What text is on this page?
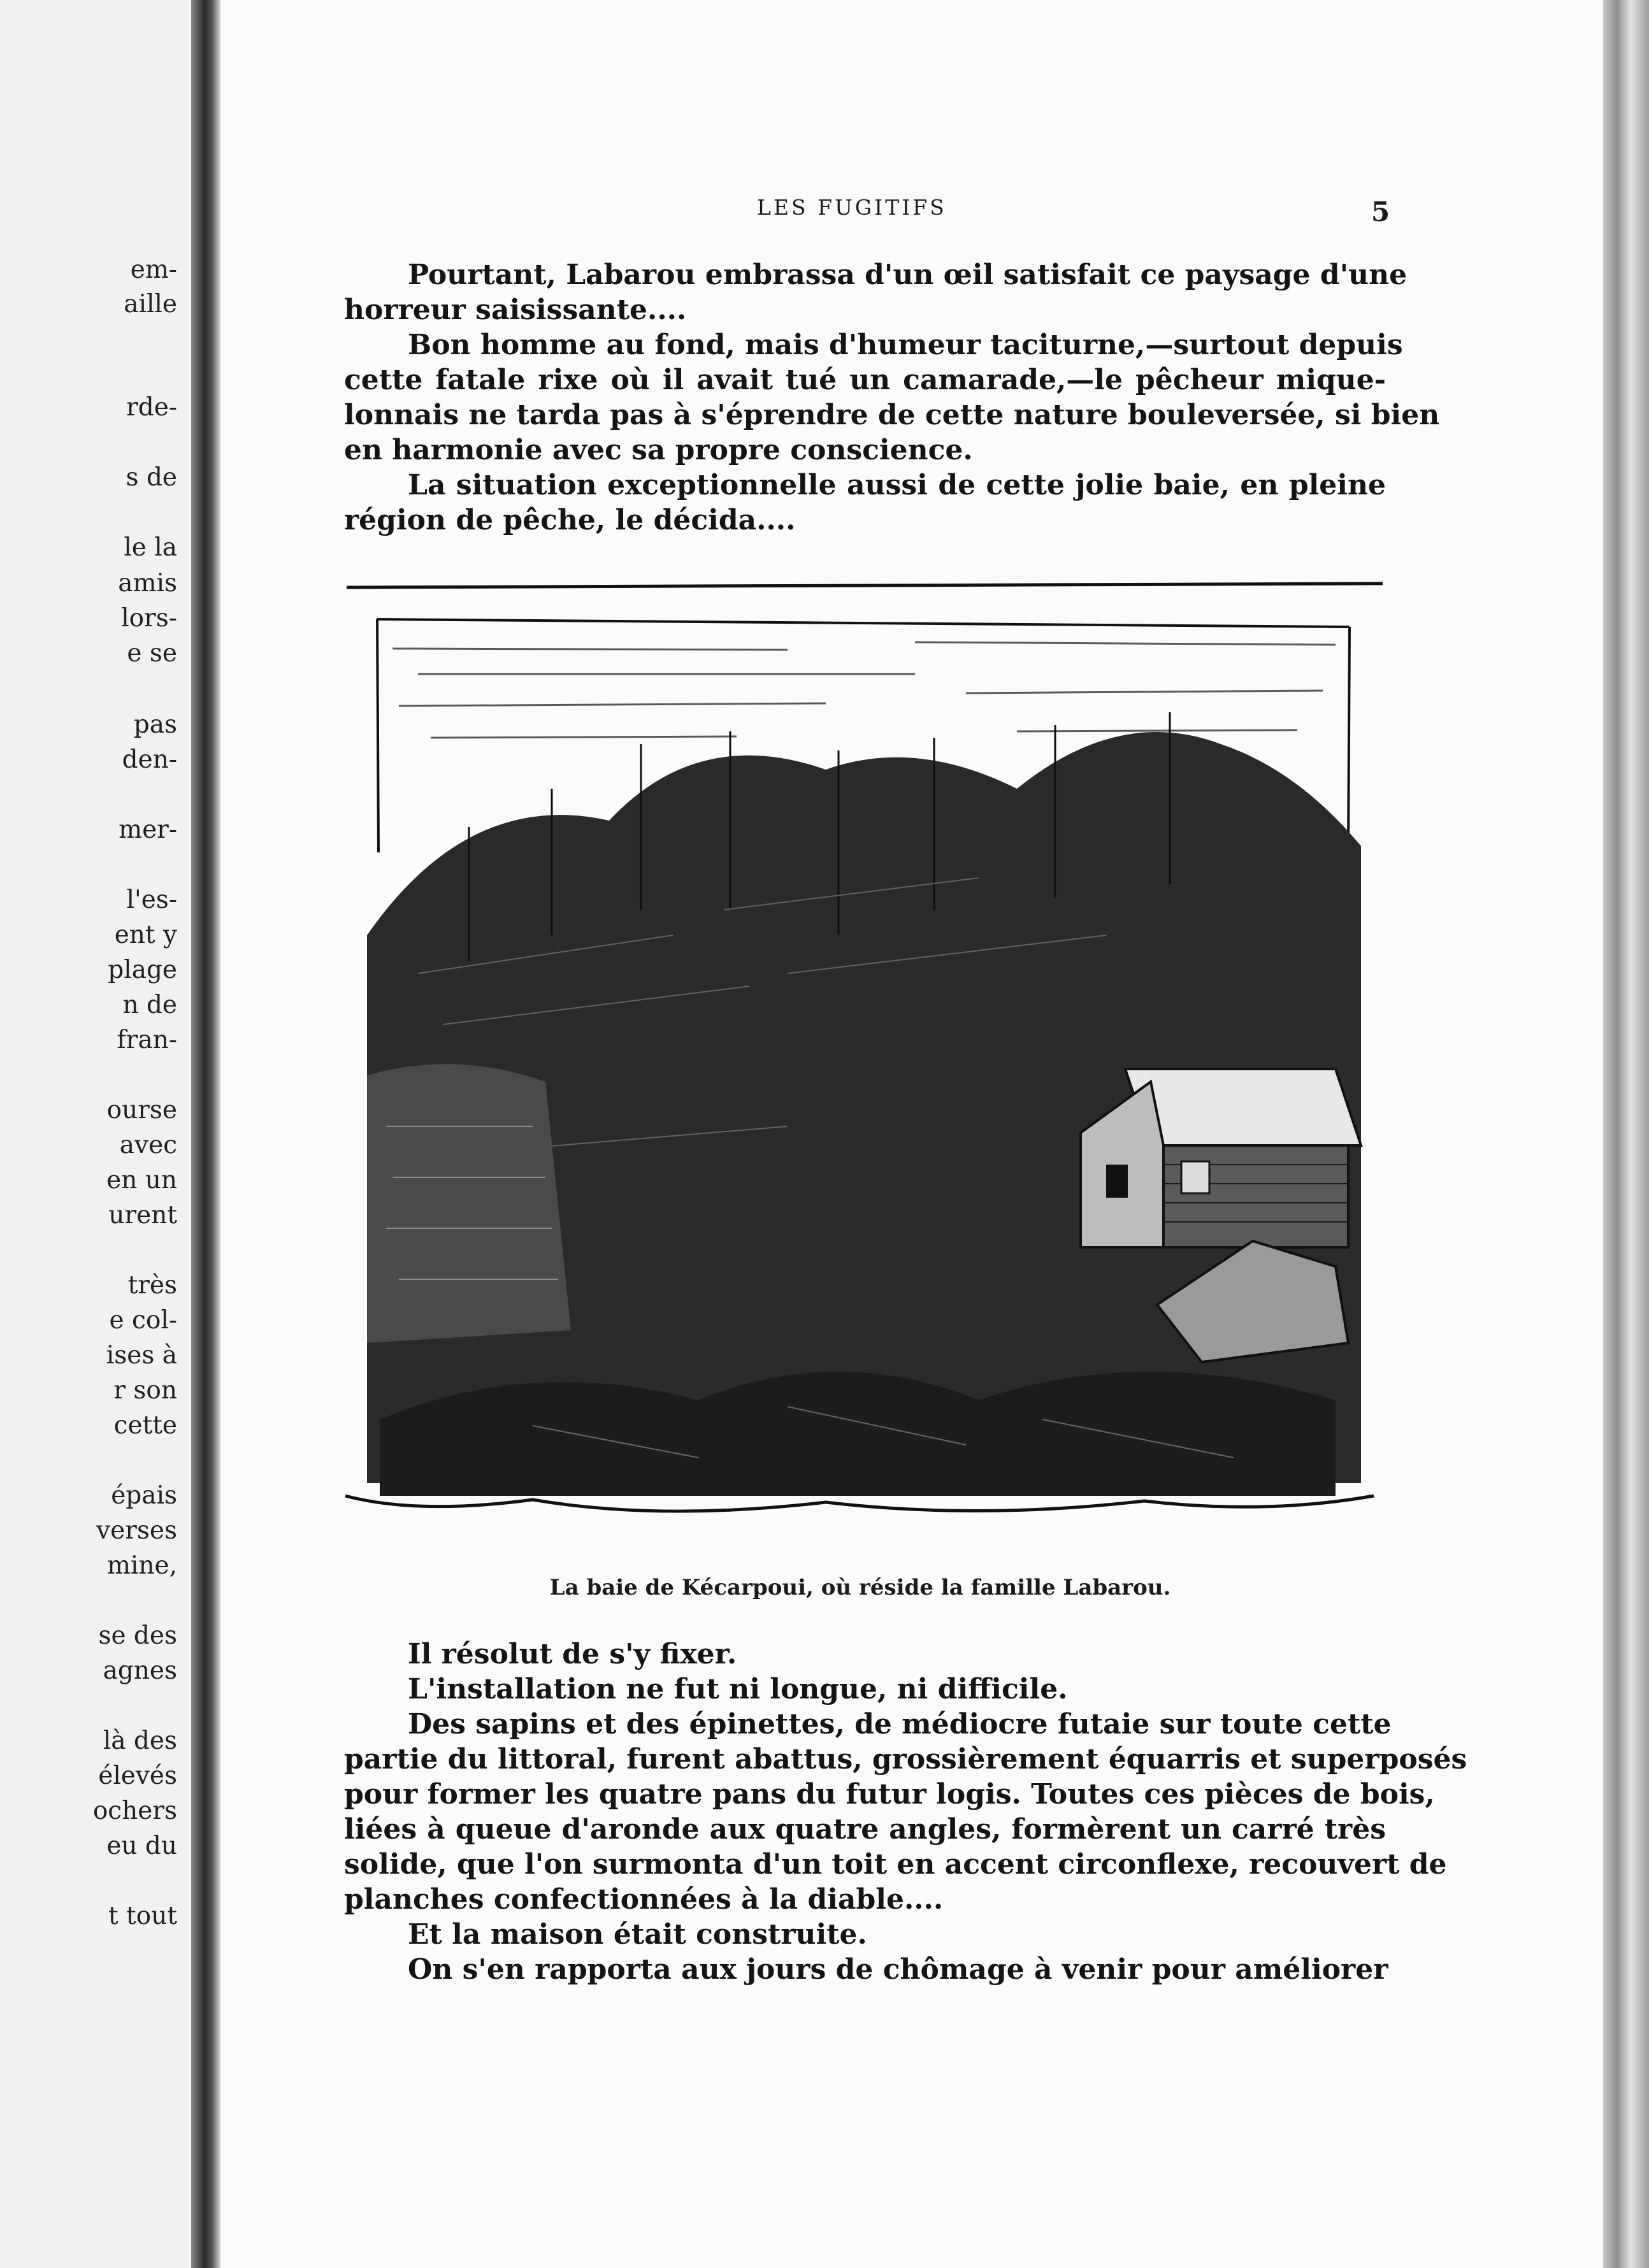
em-

aille

rde-

s de

le la

amis

lors-

e se

pas

den-

mer-

l'es-

ent y

plage

n de

fran-

ourse

avec

en un

urent

très

e col-

ises à

r son

cette

épais

verses

mine,

se des

agnes

là des

élevés

ochers

eu du

t tout

LES FUGITIFS	5

Pourtant, Labarou embrassa d'un œil satisfait ce paysage d'une
horreur saisissante....
Bon homme au fond, mais d'humeur taciturne,—surtout depuis
cette fatale rixe où il avait tué un camarade,—le pêcheur mique-
lonnais ne tarda pas à s'éprendre de cette nature bouleversée, si bien
en harmonie avec sa propre conscience.
La situation exceptionnelle aussi de cette jolie baie, en pleine
région de pêche, le décida....

La baie de Kécarpoui, où réside la famille Labarou.

Il résolut de s'y fixer.
L'installation ne fut ni longue, ni difficile.
Des sapins et des épinettes, de médiocre futaie sur toute cette
partie du littoral, furent abattus, grossièrement équarris et superposés
pour former les quatre pans du futur logis. Toutes ces pièces de bois,
liées à queue d'aronde aux quatre angles, formèrent un carré très
solide, que l'on surmonta d'un toit en accent circonflexe, recouvert de
planches confectionnées à la diable....
Et la maison était construite.
On s'en rapporta aux jours de chômage à venir pour améliorer
